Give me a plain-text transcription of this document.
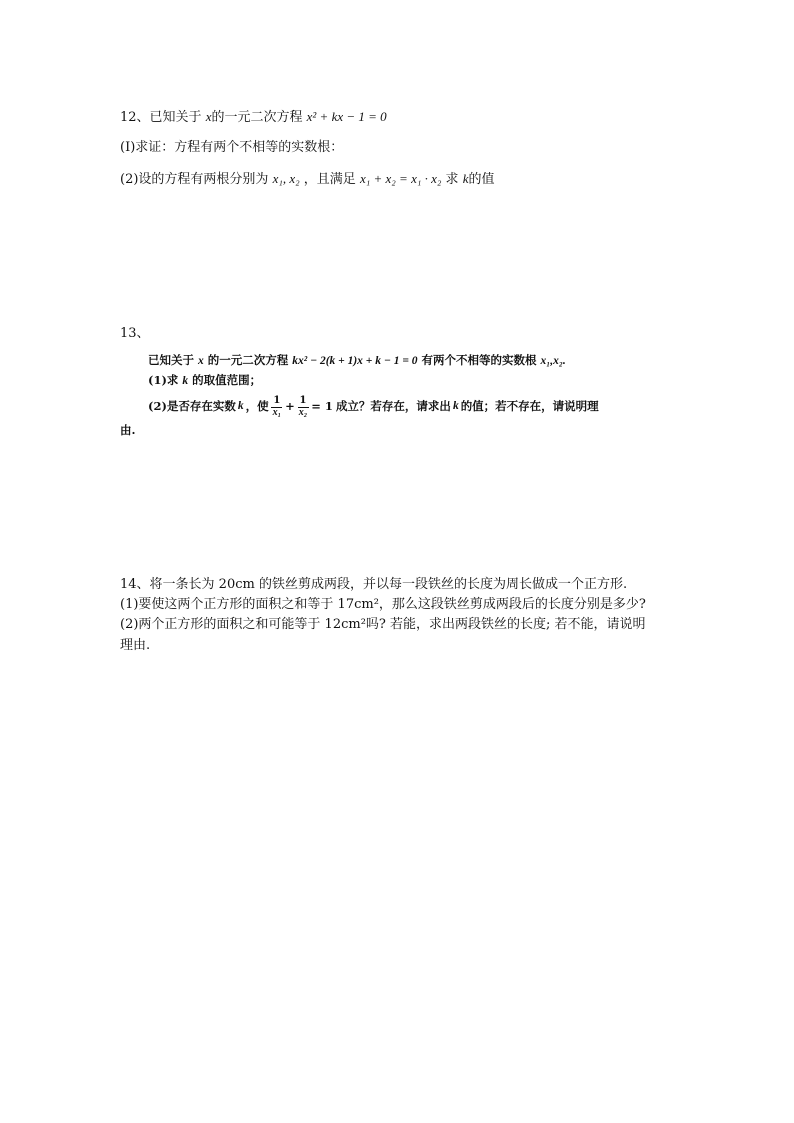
12、已知关于 x的一元二次方程 x² + kx − 1 = 0
(I)求证：方程有两个不相等的实数根：
(2)设的方程有两根分别为 x₁, x₂ ，且满足 x₁ + x₂ = x₁ · x₂ 求 k的值
13、
已知关于 x 的一元二次方程 kx² − 2(k + 1)x + k − 1 = 0 有两个不相等的实数根 x₁,x₂.
(1)求 k 的取值范围；
(2)是否存在实数 k ，使 $\frac{1}{\text{x₁}} + \frac{1}{\text{x₂}} = 1$ 成立？若存在，请求出 k 的值；若不存在，请说明理
由.
14、将一条长为 20cm 的铁丝剪成两段，并以每一段铁丝的长度为周长做成一个正方形.
(1)要使这两个正方形的面积之和等于 17cm²，那么这段铁丝剪成两段后的长度分别是多少?
(2)两个正方形的面积之和可能等于 12cm²吗? 若能，求出两段铁丝的长度; 若不能，请说明
理由.
